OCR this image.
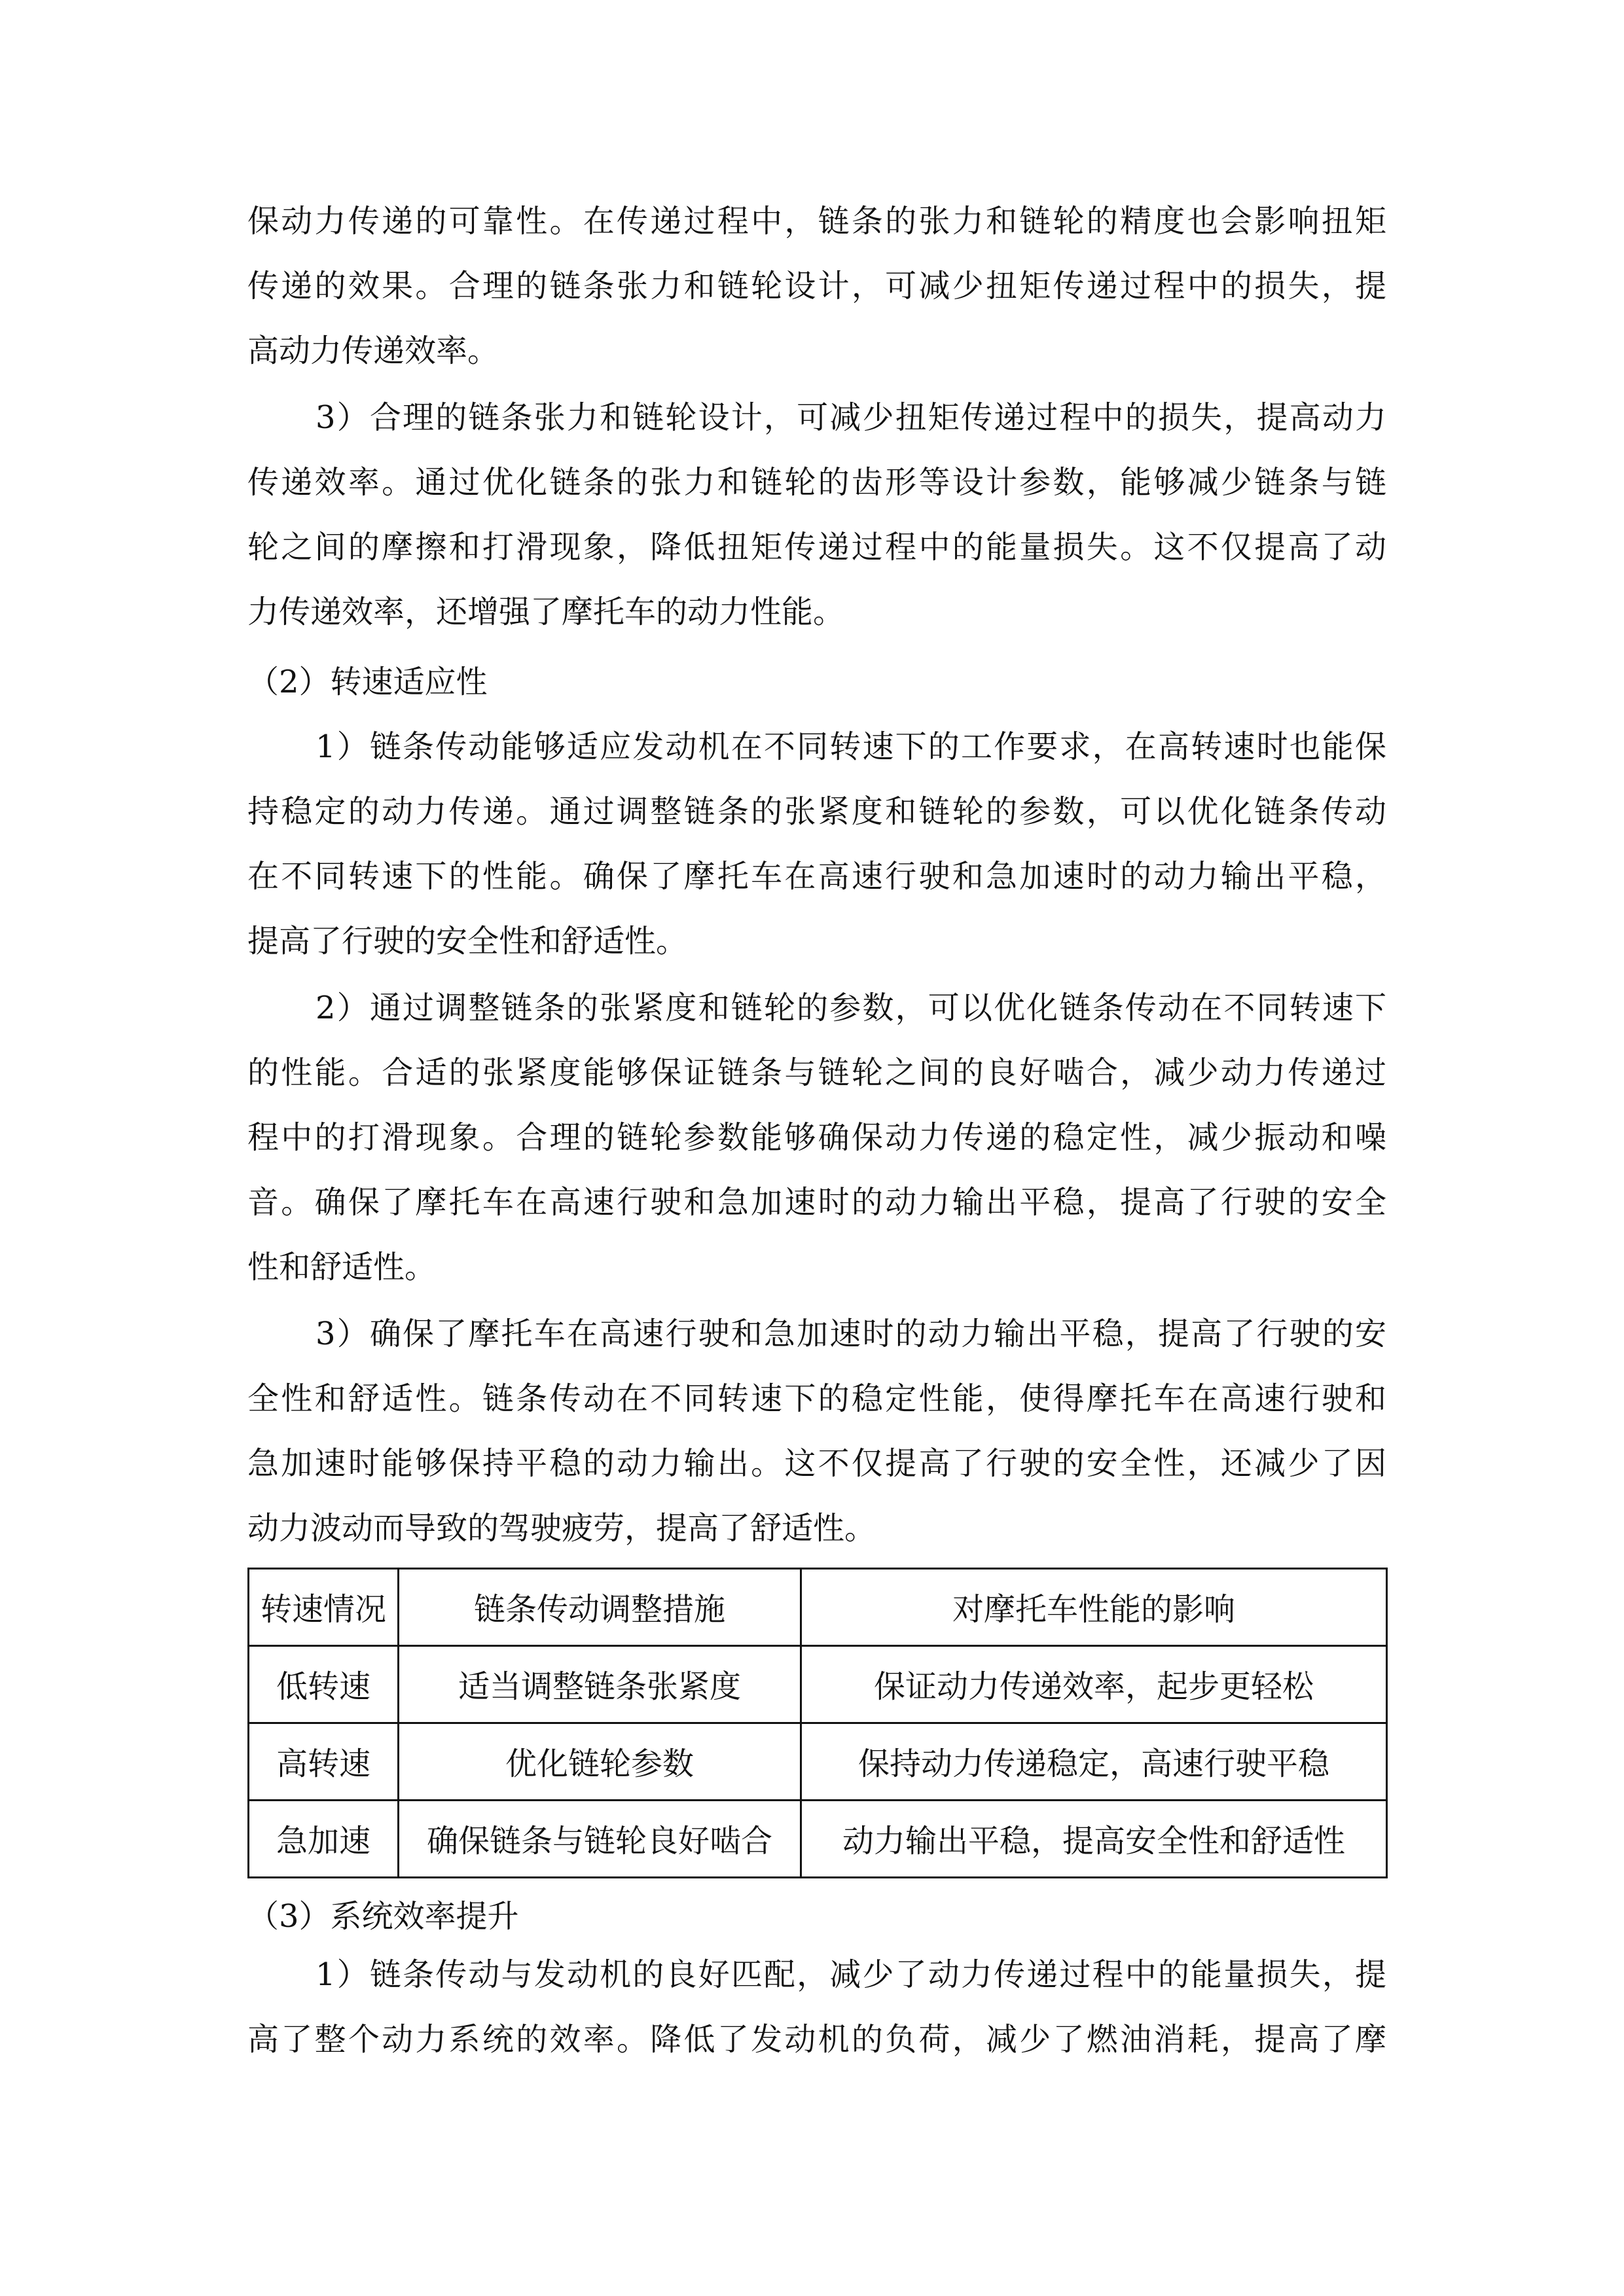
保动力传递的可靠性。在传递过程中，链条的张力和链轮的精度也会影响扭矩
传递的效果。合理的链条张力和链轮设计，可减少扭矩传递过程中的损失，提
高动力传递效率。
3）合理的链条张力和链轮设计，可减少扭矩传递过程中的损失，提高动力
传递效率。通过优化链条的张力和链轮的齿形等设计参数，能够减少链条与链
轮之间的摩擦和打滑现象，降低扭矩传递过程中的能量损失。这不仅提高了动
力传递效率，还增强了摩托车的动力性能。
（2）转速适应性
1）链条传动能够适应发动机在不同转速下的工作要求，在高转速时也能保
持稳定的动力传递。通过调整链条的张紧度和链轮的参数，可以优化链条传动
在不同转速下的性能。确保了摩托车在高速行驶和急加速时的动力输出平稳，
提高了行驶的安全性和舒适性。
2）通过调整链条的张紧度和链轮的参数，可以优化链条传动在不同转速下
的性能。合适的张紧度能够保证链条与链轮之间的良好啮合，减少动力传递过
程中的打滑现象。合理的链轮参数能够确保动力传递的稳定性，减少振动和噪
音。确保了摩托车在高速行驶和急加速时的动力输出平稳，提高了行驶的安全
性和舒适性。
3）确保了摩托车在高速行驶和急加速时的动力输出平稳，提高了行驶的安
全性和舒适性。链条传动在不同转速下的稳定性能，使得摩托车在高速行驶和
急加速时能够保持平稳的动力输出。这不仅提高了行驶的安全性，还减少了因
动力波动而导致的驾驶疲劳，提高了舒适性。
转速情况	链条传动调整措施	对摩托车性能的影响
低转速	适当调整链条张紧度	保证动力传递效率，起步更轻松
高转速	优化链轮参数	保持动力传递稳定，高速行驶平稳
急加速	确保链条与链轮良好啮合	动力输出平稳，提高安全性和舒适性
（3）系统效率提升
1）链条传动与发动机的良好匹配，减少了动力传递过程中的能量损失，提
高了整个动力系统的效率。降低了发动机的负荷，减少了燃油消耗，提高了摩
